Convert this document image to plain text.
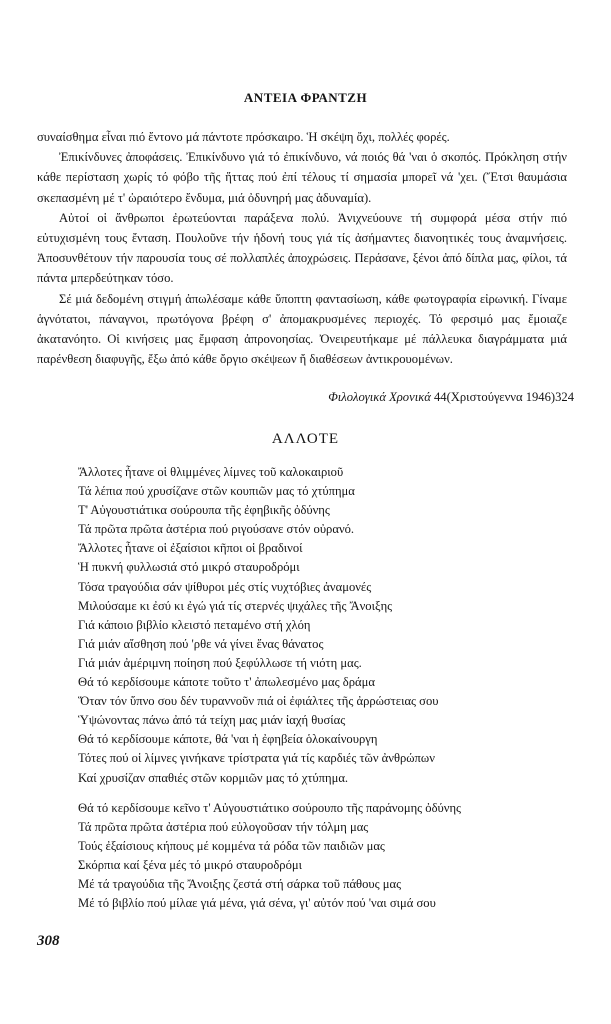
ΑΝΤΕΙΑ ΦΡΑΝΤΖΗ

συναίσθημα εἶναι πιό ἔντονο μά πάντοτε πρόσκαιρο. Ἡ σκέψη ὄχι, πολλές φορές.

Ἐπικίνδυνες ἀποφάσεις. Ἐπικίνδυνο γιά τό ἐπικίνδυνο, νά ποιός θά 'ναι ὁ σκοπός. Πρόκληση στήν κάθε περίσταση χωρίς τό φόβο τῆς ἥττας πού ἐπί τέλους τί σημασία μπορεῖ νά 'χει. (Ἔτσι θαυμάσια σκεπασμένη μέ τ' ὡραιότερο ἔνδυμα, μιά ὀδυνηρή μας ἀδυναμία).

Αὐτοί οἱ ἄνθρωποι ἐρωτεύονται παράξενα πολύ. Ἀνιχνεύουνε τή συμφορά μέσα στήν πιό εὐτυχισμένη τους ἔνταση. Πουλοῦνε τήν ἡδονή τους γιά τίς ἀσήμαντες διανοητικές τους ἀναμνήσεις. Ἀποσυνθέτουν τήν παρουσία τους σέ πολλαπλές ἀποχρώσεις. Περάσανε, ξένοι ἀπό δίπλα μας, φίλοι, τά πάντα μπερδεύτηκαν τόσο.

Σέ μιά δεδομένη στιγμή ἀπωλέσαμε κάθε ὕποπτη φαντασίωση, κάθε φωτογραφία εἰρωνική. Γίναμε ἁγνότατοι, πάναγνοι, πρωτόγονα βρέφη σ' ἀπομακρυσμένες περιοχές. Τό φερσιμό μας ἔμοιαζε ἀκατανόητο. Οἱ κινήσεις μας ἔμφαση ἀπρονοησίας. Ὀνειρευτήκαμε μέ πάλλευκα διαγράμματα μιά παρένθεση διαφυγῆς, ἔξω ἀπό κάθε ὄργιο σκέψεων ἤ διαθέσεων ἀντικρουομένων.

Φιλολογικά Χρονικά 44(Χριστούγεννα 1946)324
ΑΛΛΟΤΕ
Ἄλλοτες ἦτανε οἱ θλιμμένες λίμνες τοῦ καλοκαιριοῦ
Τά λέπια πού χρυσίζανε στῶν κουπιῶν μας τό χτύπημα
Τ' Αὐγουστιάτικα σούρουπα τῆς ἐφηβικῆς ὀδύνης
Τά πρῶτα πρῶτα ἀστέρια πού ριγούσανε στόν οὐρανό.
Ἄλλοτες ἦτανε οἱ ἐξαίσιοι κῆποι οἱ βραδινοί
Ἡ πυκνή φυλλωσιά στό μικρό σταυροδρόμι
Τόσα τραγούδια σάν ψίθυροι μές στίς νυχτόβιες ἀναμονές
Μιλούσαμε κι ἐσύ κι ἐγώ γιά τίς στερνές ψιχάλες τῆς Ἄνοιξης
Γιά κάποιο βιβλίο κλειστό πεταμένο στή χλόη
Γιά μιάν αἴσθηση πού 'ρθε νά γίνει ἕνας θάνατος
Γιά μιάν ἀμέριμνη ποίηση πού ξεφύλλωσε τή νιότη μας.
Θά τό κερδίσουμε κάποτε τοῦτο τ' ἀπωλεσμένο μας δράμα
Ὅταν τόν ὕπνο σου δέν τυραννοῦν πιά οἱ ἐφιάλτες τῆς ἀρρώστειας σου
Ὑψώνοντας πάνω ἀπό τά τείχη μας μιάν ἰαχή θυσίας
Θά τό κερδίσουμε κάποτε, θά 'ναι ἡ ἐφηβεία ὁλοκαίνουργη
Τότες πού οἱ λίμνες γινήκανε τρίστρατα γιά τίς καρδιές τῶν ἀνθρώπων
Καί χρυσίζαν σπαθιές στῶν κορμιῶν μας τό χτύπημα.
Θά τό κερδίσουμε κεῖνο τ' Αὐγουστιάτικο σούρουπο τῆς παράνομης ὀδύνης
Τά πρῶτα πρῶτα ἀστέρια πού εὐλογοῦσαν τήν τόλμη μας
Τούς ἐξαίσιους κήπους μέ κομμένα τά ρόδα τῶν παιδιῶν μας
Σκόρπια καί ξένα μές τό μικρό σταυροδρόμι
Μέ τά τραγούδια τῆς Ἄνοιξης ζεστά στή σάρκα τοῦ πάθους μας
Μέ τό βιβλίο πού μίλαε γιά μένα, γιά σένα, γι' αὐτόν πού 'ναι σιμά σου
308
